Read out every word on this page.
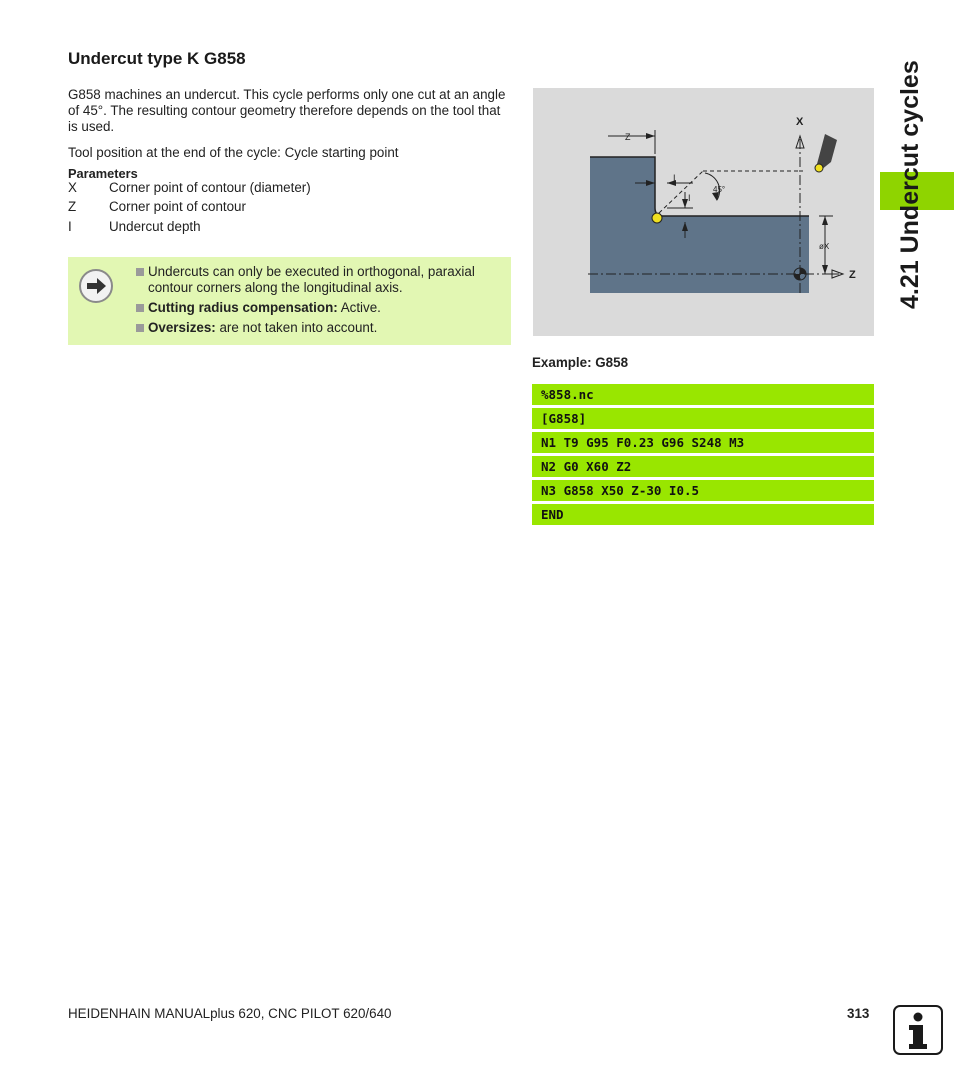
Undercut type K G858

G858 machines an undercut. This cycle performs only one cut at an angle of 45°. The resulting contour geometry therefore depends on the tool that is used.

Tool position at the end of the cycle: Cycle starting point

Parameters
X Corner point of contour (diameter)
Z Corner point of contour
I	Undercut depth
Undercuts can only be executed in orthogonal, paraxial contour corners along the longitudinal axis.
Cutting radius compensation: Active.
Oversizes: are not taken into account.
4.21 Undercut cycles
X
Z
Z
I
I
45°
øX
Example: G858
%858.nc
[G858]
N1 T9 G95 F0.23 G96 S248 M3
N2 G0 X60 Z2
N3 G858 X50 Z-30 I0.5
END
HEIDENHAIN MANUALplus 620, CNC PILOT 620/640	313
